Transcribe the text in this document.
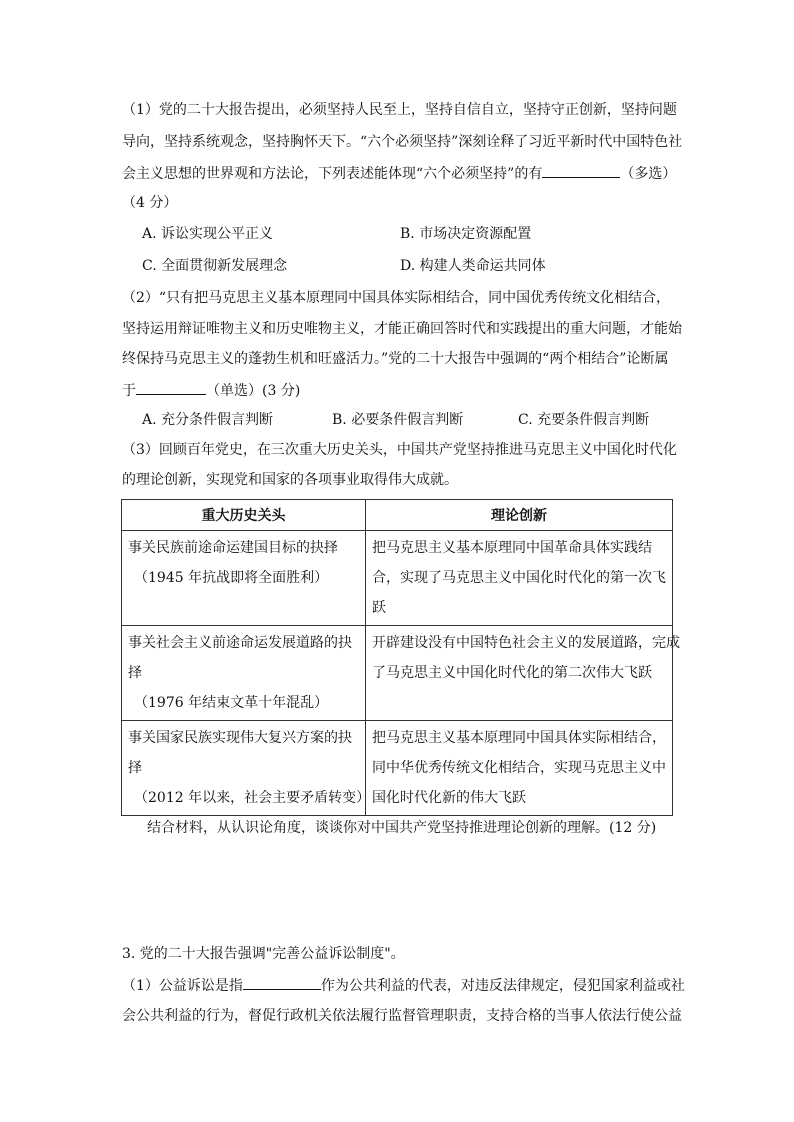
（1）党的二十大报告提出，必须坚持人民至上，坚持自信自立，坚持守正创新，坚持问题
导向，坚持系统观念，坚持胸怀天下。“六个必须坚持”深刻诠释了习近平新时代中国特色社
会主义思想的世界观和方法论，下列表述能体现“六个必须坚持”的有	（多选）
（4 分）
A. 诉讼实现公平正义	B. 市场决定资源配置
C. 全面贯彻新发展理念	D. 构建人类命运共同体
（2）“只有把马克思主义基本原理同中国具体实际相结合，同中国优秀传统文化相结合，
坚持运用辩证唯物主义和历史唯物主义，才能正确回答时代和实践提出的重大问题，才能始
终保持马克思主义的蓬勃生机和旺盛活力。”党的二十大报告中强调的“两个相结合”论断属
于	（单选）(3 分)
A. 充分条件假言判断	B. 必要条件假言判断	C. 充要条件假言判断
（3）回顾百年党史，在三次重大历史关头，中国共产党坚持推进马克思主义中国化时代化
的理论创新，实现党和国家的各项事业取得伟大成就。
重大历史关头	理论创新

事关民族前途命运建国目标的抉择
（1945 年抗战即将全面胜利）	把马克思主义基本原理同中国革命具体实践结
合，实现了马克思主义中国化时代化的第一次飞
跃

事关社会主义前途命运发展道路的抉
择
（1976 年结束文革十年混乱）	开辟建设没有中国特色社会主义的发展道路，完成
了马克思主义中国化时代化的第二次伟大飞跃

事关国家民族实现伟大复兴方案的抉
择
（2012 年以来，社会主要矛盾转变）	把马克思主义基本原理同中国具体实际相结合，
同中华优秀传统文化相结合，实现马克思主义中
国化时代化新的伟大飞跃
结合材料，从认识论角度，谈谈你对中国共产党坚持推进理论创新的理解。(12 分)
3. 党的二十大报告强调"完善公益诉讼制度"。
（1）公益诉讼是指	作为公共利益的代表，对违反法律规定，侵犯国家利益或社
会公共利益的行为，督促行政机关依法履行监督管理职责，支持合格的当事人依法行使公益
